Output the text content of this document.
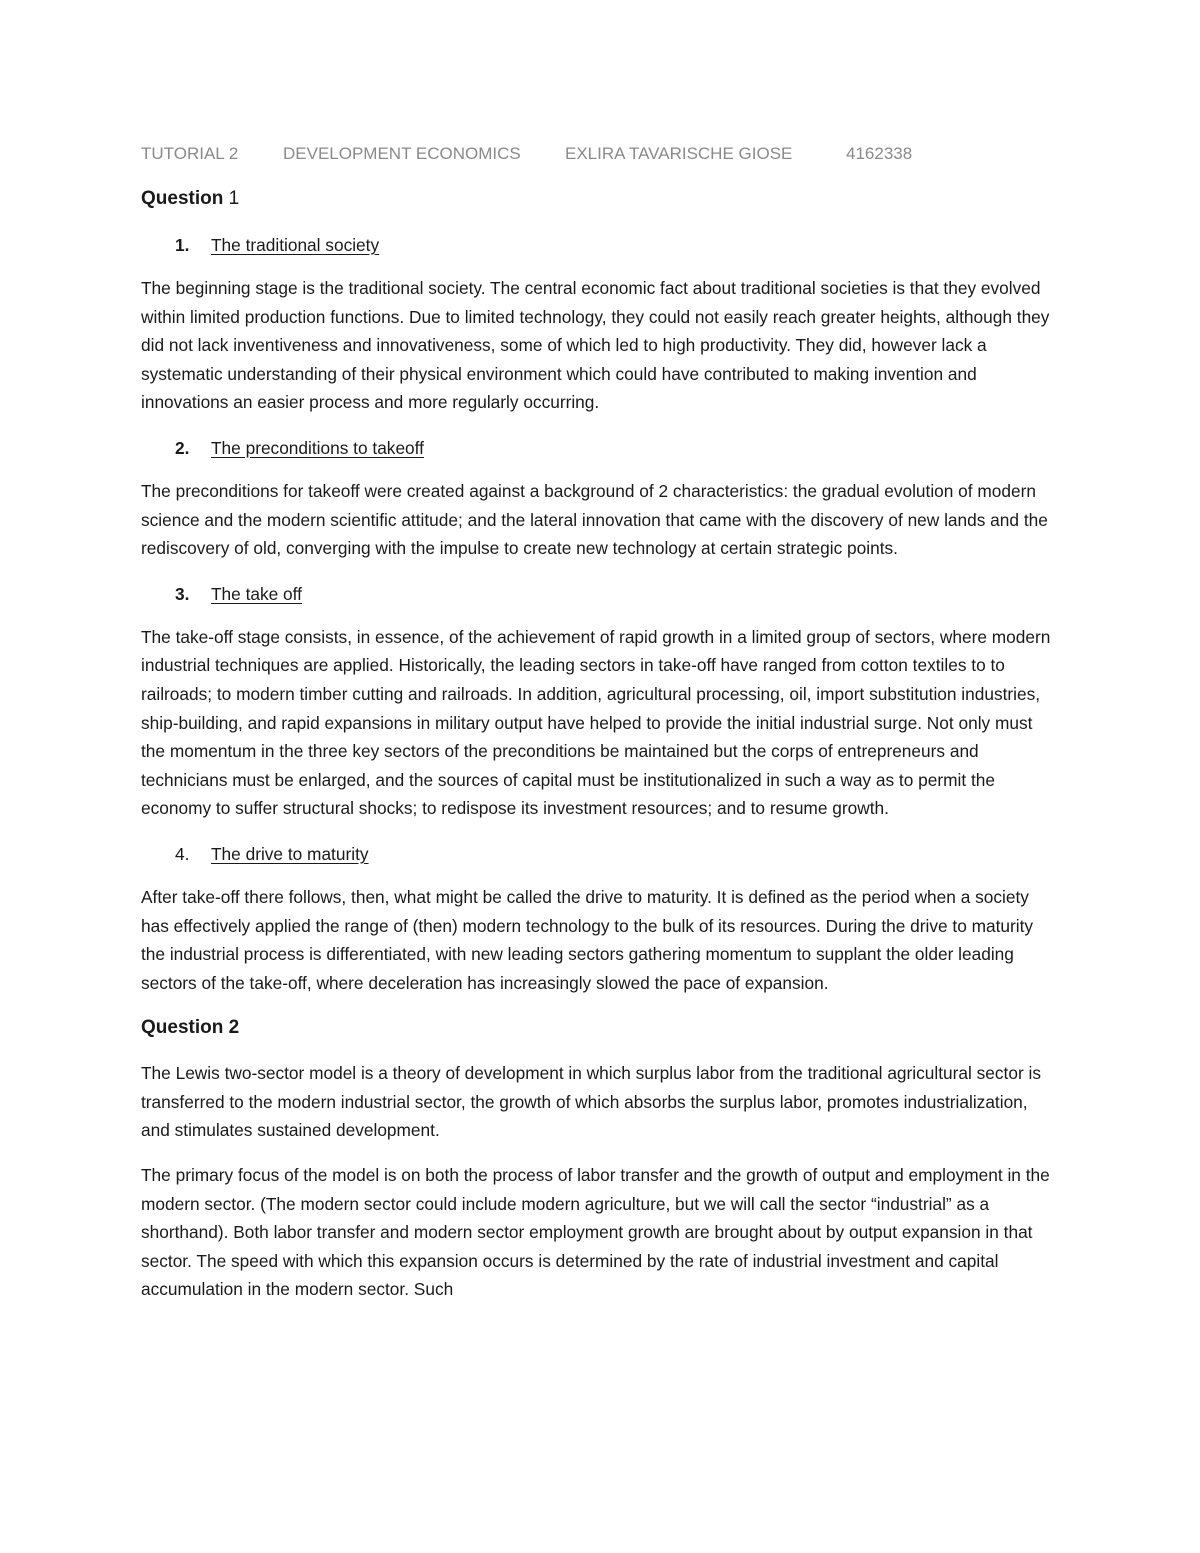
TUTORIAL 2	DEVELOPMENT ECONOMICS	EXLIRA TAVARISCHE GIOSE	4162338
Question 1
1. The traditional society

The beginning stage is the traditional society. The central economic fact about traditional societies is that they evolved within limited production functions. Due to limited technology, they could not easily reach greater heights, although they did not lack inventiveness and innovativeness, some of which led to high productivity. They did, however lack a systematic understanding of their physical environment which could have contributed to making invention and innovations an easier process and more regularly occurring.

2. The preconditions to takeoff

The preconditions for takeoff were created against a background of 2 characteristics: the gradual evolution of modern science and the modern scientific attitude; and the lateral innovation that came with the discovery of new lands and the rediscovery of old, converging with the impulse to create new technology at certain strategic points.

3. The take off

The take-off stage consists, in essence, of the achievement of rapid growth in a limited group of sectors, where modern industrial techniques are applied. Historically, the leading sectors in take-off have ranged from cotton textiles to to railroads; to modern timber cutting and railroads. In addition, agricultural processing, oil, import substitution industries, ship-building, and rapid expansions in military output have helped to provide the initial industrial surge. Not only must the momentum in the three key sectors of the preconditions be maintained but the corps of entrepreneurs and technicians must be enlarged, and the sources of capital must be institutionalized in such a way as to permit the economy to suffer structural shocks; to redispose its investment resources; and to resume growth.

4. The drive to maturity

After take-off there follows, then, what might be called the drive to maturity. It is defined as the period when a society has effectively applied the range of (then) modern technology to the bulk of its resources. During the drive to maturity the industrial process is differentiated, with new leading sectors gathering momentum to supplant the older leading sectors of the take-off, where deceleration has increasingly slowed the pace of expansion.

Question 2

The Lewis two-sector model is a theory of development in which surplus labor from the traditional agricultural sector is transferred to the modern industrial sector, the growth of which absorbs the surplus labor, promotes industrialization, and stimulates sustained development.

The primary focus of the model is on both the process of labor transfer and the growth of output and employment in the modern sector. (The modern sector could include modern agriculture, but we will call the sector “industrial” as a shorthand). Both labor transfer and modern sector employment growth are brought about by output expansion in that sector. The speed with which this expansion occurs is determined by the rate of industrial investment and capital accumulation in the modern sector. Such
